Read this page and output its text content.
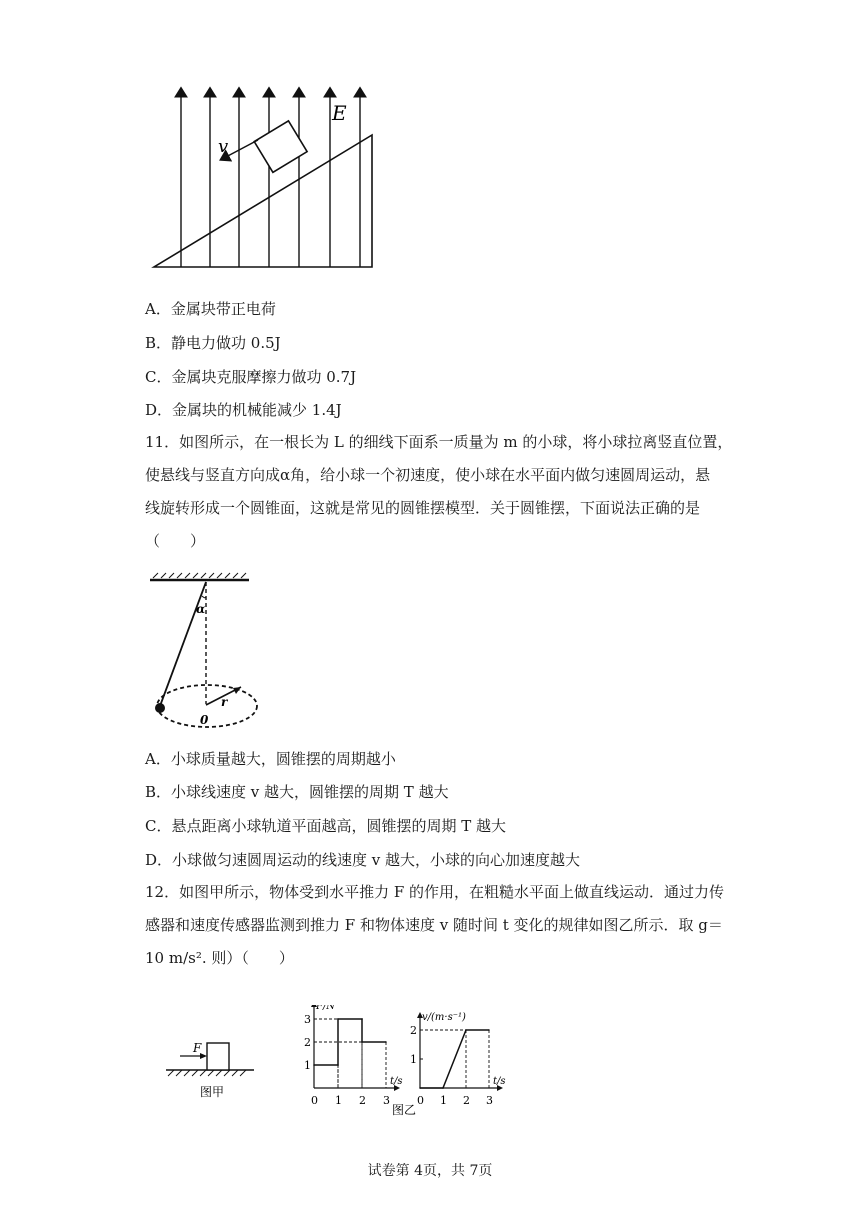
v
E
A．金属块带正电荷
B．静电力做功 0.5J
C．金属块克服摩擦力做功 0.7J
D．金属块的机械能减少 1.4J
11．如图所示，在一根长为 L 的细线下面系一质量为 m 的小球，将小球拉离竖直位置，
使悬线与竖直方向成α角，给小球一个初速度，使小球在水平面内做匀速圆周运动，悬
线旋转形成一个圆锥面，这就是常见的圆锥摆模型．关于圆锥摆，下面说法正确的是
（　　）
α
0
r
A．小球质量越大，圆锥摆的周期越小
B．小球线速度 v 越大，圆锥摆的周期 T 越大
C．悬点距离小球轨道平面越高，圆锥摆的周期 T 越大
D．小球做匀速圆周运动的线速度 v 越大，小球的向心加速度越大
12．如图甲所示，物体受到水平推力 F 的作用，在粗糙水平面上做直线运动．通过力传
感器和速度传感器监测到推力 F 和物体速度 v 随时间 t 变化的规律如图乙所示．取 g＝
10 m/s². 则）（　　）
F
图甲
0 1 2 3
1
2
3
F/N
t/s
0 1 2 3
1
2
v/(m·s⁻¹)
t/s
图乙
试卷第 4页，共 7页
